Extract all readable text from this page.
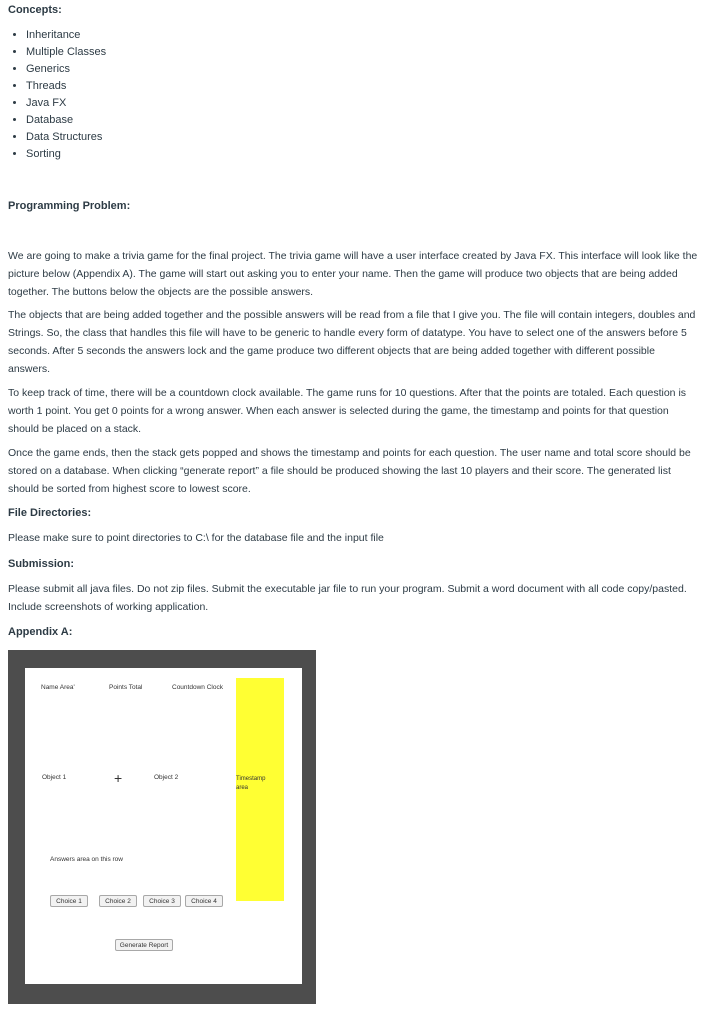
Concepts:
• Inheritance
• Multiple Classes
• Generics
• Threads
• Java FX
• Database
• Data Structures
• Sorting
Programming Problem:

We are going to make a trivia game for the final project. The trivia game will have a user interface created by Java FX. This interface will look like the picture below (Appendix A). The game will start out asking you to enter your name. Then the game will produce two objects that are being added together. The buttons below the objects are the possible answers.

The objects that are being added together and the possible answers will be read from a file that I give you. The file will contain integers, doubles and Strings. So, the class that handles this file will have to be generic to handle every form of datatype. You have to select one of the answers before 5 seconds. After 5 seconds the answers lock and the game produce two different objects that are being added together with different possible answers.

To keep track of time, there will be a countdown clock available. The game runs for 10 questions. After that the points are totaled. Each question is worth 1 point. You get 0 points for a wrong answer. When each answer is selected during the game, the timestamp and points for that question should be placed on a stack.

Once the game ends, then the stack gets popped and shows the timestamp and points for each question. The user name and total score should be stored on a database. When clicking “generate report” a file should be produced showing the last 10 players and their score. The generated list should be sorted from highest score to lowest score.

File Directories:

Please make sure to point directories to C:\ for the database file and the input file

Submission:

Please submit all java files. Do not zip files. Submit the executable jar file to run your program. Submit a word document with all code copy/pasted. Include screenshots of working application.

Appendix A:
Name Area'	Points Total	Countdown Clock
Timestamp area
Object 1	+	Object 2
Answers area on this row
Choice 1	Choice 2	Choice 3	Choice 4
Generate Report
